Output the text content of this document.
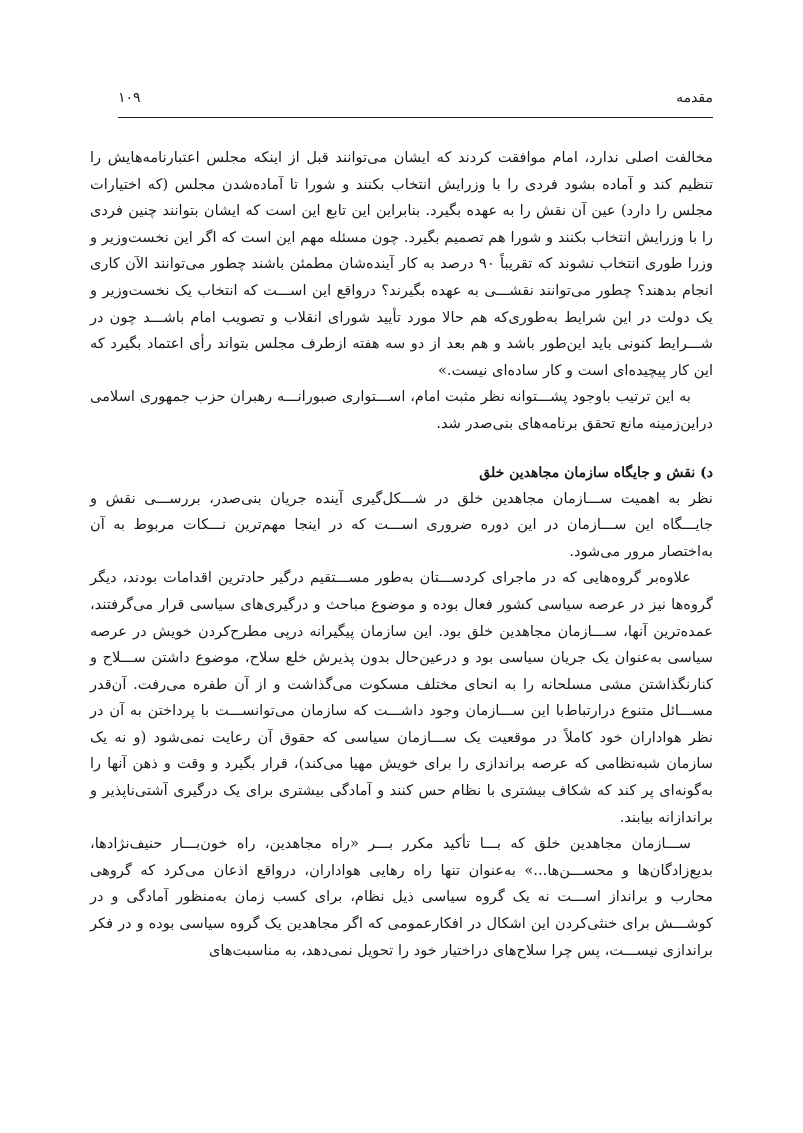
مقدمه
۱۰۹

مخالفت اصلی ندارد، امام موافقت کردند که ایشان می‌توانند قبل از اینکه مجلس اعتبارنامه‌هایش را تنظیم کند و آماده بشود فردی را با وزرایش انتخاب بکنند و شورا تا آماده‌شدن مجلس (که اختیارات مجلس را دارد) عین آن نقش را به عهده بگیرد. بنابراین این تابع این است که ایشان بتوانند چنین فردی را با وزرایش انتخاب بکنند و شورا هم تصمیم بگیرد. چون مسئله مهم این است که اگر این نخست‌وزیر و وزرا طوری انتخاب نشوند که تقریباً ۹۰ درصد به کار آینده‌شان مطمئن باشند چطور می‌توانند الآن کاری انجام بدهند؟ چطور می‌توانند نقشـــی به عهده بگیرند؟ درواقع این اســـت که انتخاب یک نخست‌وزیر و یک دولت در این شرایط به‌طوری‌که هم حالا مورد تأیید شورای انقلاب و تصویب امام باشـــد چون در شـــرایط کنونی باید این‌طور باشد و هم بعد از دو سه هفته ازطرف مجلس بتواند رأی اعتماد بگیرد که این کار پیچیده‌ای است و کار ساده‌ای نیست.»

به این ترتیب باوجود پشـــتوانه نظر مثبت امام، اســـتواری صبورانـــه رهبران حزب جمهوری اسلامی دراین‌زمینه مانع تحقق برنامه‌های بنی‌صدر شد.

د) نقش و جایگاه سازمان مجاهدین خلق

نظر به اهمیت ســـازمان مجاهدین خلق در شـــکل‌گیری آینده جریان بنی‌صدر، بررســـی نقش و جایـــگاه این ســـازمان در این دوره ضروری اســـت که در اینجا مهم‌ترین نـــکات مربوط به آن به‌اختصار مرور می‌شود.

علاوه‌بر گروه‌هایی که در ماجرای کردســـتان به‌طور مســـتقیم درگیر حادترین اقدامات بودند، دیگر گروه‌ها نیز در عرصه سیاسی کشور فعال بوده و موضوع مباحث و درگیری‌های سیاسی قرار می‌گرفتند، عمده‌ترین آنها، ســـازمان مجاهدین خلق بود. این سازمان پیگیرانه درپی مطرح‌کردن خویش در عرصه سیاسی به‌عنوان یک جریان سیاسی بود و درعین‌حال بدون پذیرش خلع سلاح، موضوع داشتن ســـلاح و کنارنگذاشتن مشی مسلحانه را به انحای مختلف مسکوت می‌گذاشت و از آن طفره می‌رفت. آن‌قدر مســـائل متنوع درارتباط‌با این ســـازمان وجود داشـــت که سازمان می‌توانســـت با پرداختن به آن در نظر هواداران خود کاملاً در موقعیت یک ســـازمان سیاسی که حقوق آن رعایت نمی‌شود (و نه یک سازمان شبه‌نظامی که عرصه براندازی را برای خویش مهیا می‌کند)، قرار بگیرد و وقت و ذهن آنها را به‌گونه‌ای پر کند که شکاف بیشتری با نظام حس کنند و آمادگی بیشتری برای یک درگیری آشتی‌ناپذیر و براندازانه بیابند.

ســـازمان مجاهدین خلق که بـــا تأکید مکرر بـــر «راه مجاهدین، راه خون‌بـــار حنیف‌نژادها، بدیع‌زادگان‌ها و محســـن‌ها...» به‌عنوان تنها راه رهایی هواداران، درواقع اذعان می‌کرد که گروهی محارب و برانداز اســـت نه یک گروه سیاسی ذیل نظام، برای کسب زمان به‌منظور آمادگی و در کوشـــش برای خنثی‌کردن این اشکال در افکارعمومی که اگر مجاهدین یک گروه سیاسی بوده و در فکر براندازی نیســـت، پس چرا سلاح‌های دراختیار خود را تحویل نمی‌دهد، به مناسبت‌های
